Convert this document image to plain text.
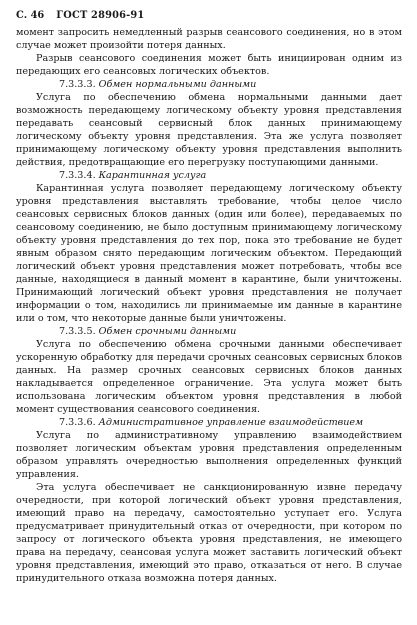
С. 46 ГОСТ 28906-91

момент запросить немедленный разрыв сеансового соединения, но в этом случае может произойти потеря данных.

Разрыв сеансового соединения может быть инициирован одним из передающих его сеансовых логических объектов.

7.3.3.3. Обмен нормальными данными

Услуга по обеспечению обмена нормальными данными дает возможность передающему логическому объекту уровня представления передавать сеансовый сервисный блок данных принимающему логическому объекту уровня представления. Эта же услуга позволяет принимающему логическому объекту уровня представления выполнить действия, предотвращающие его перегрузку поступающими данными.

7.3.3.4. Карантинная услуга

Карантинная услуга позволяет передающему логическому объекту уровня представления выставлять требование, чтобы целое число сеансовых сервисных блоков данных (один или более), передаваемых по сеансовому соединению, не было доступным принимающему логическому объекту уровня представления до тех пор, пока это требование не будет явным образом снято передающим логическим объектом. Передающий логический объект уровня представления может потребовать, чтобы все данные, находящиеся в данный момент в карантине, были уничтожены. Принимающий логический объект уровня представления не получает информации о том, находились ли принимаемые им данные в карантине или о том, что некоторые данные были уничтожены.

7.3.3.5. Обмен срочными данными

Услуга по обеспечению обмена срочными данными обеспечивает ускоренную обработку для передачи срочных сеансовых сервисных блоков данных. На размер срочных сеансовых сервисных блоков данных накладывается определенное ограничение. Эта услуга может быть использована логическим объектом уровня представления в любой момент существования сеансового соединения.

7.3.3.6. Административное управление взаимодействием

Услуга по административному управлению взаимодействием позволяет логическим объектам уровня представления определенным образом управлять очередностью выполнения определенных функций управления.

Эта услуга обеспечивает не санкционированную извне передачу очередности, при которой логический объект уровня представления, имеющий право на передачу, самостоятельно уступает его. Услуга предусматривает принудительный отказ от очередности, при котором по запросу от логического объекта уровня представления, не имеющего права на передачу, сеансовая услуга может заставить логический объект уровня представления, имеющий это право, отказаться от него. В случае принудительного отказа возможна потеря данных.
